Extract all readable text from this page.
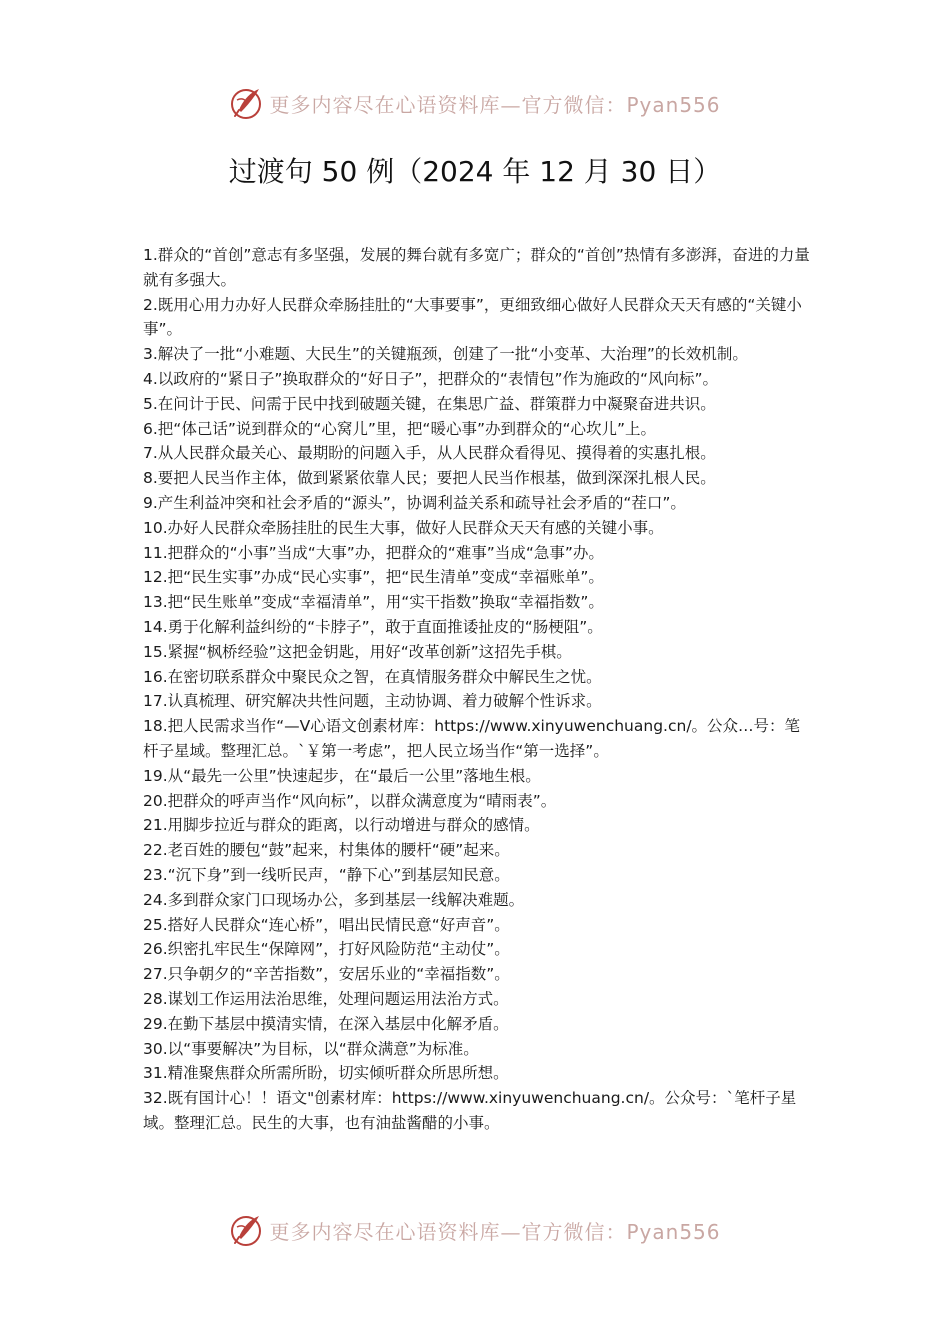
更多内容尽在心语资料库—官方微信：Pyan556
过渡句 50 例（2024 年 12 月 30 日）
1.群众的“首创”意志有多坚强，发展的舞台就有多宽广；群众的“首创”热情有多澎湃，奋进的力量就有多强大。
2.既用心用力办好人民群众牵肠挂肚的“大事要事”，更细致细心做好人民群众天天有感的“关键小事”。
3.解决了一批“小难题、大民生”的关键瓶颈，创建了一批“小变革、大治理”的长效机制。
4.以政府的“紧日子”换取群众的“好日子”，把群众的“表情包”作为施政的“风向标”。
5.在问计于民、问需于民中找到破题关键，在集思广益、群策群力中凝聚奋进共识。
6.把“体己话”说到群众的“心窝儿”里，把“暖心事”办到群众的“心坎儿”上。
7.从人民群众最关心、最期盼的问题入手，从人民群众看得见、摸得着的实惠扎根。
8.要把人民当作主体，做到紧紧依靠人民；要把人民当作根基，做到深深扎根人民。
9.产生利益冲突和社会矛盾的“源头”，协调利益关系和疏导社会矛盾的“茬口”。
10.办好人民群众牵肠挂肚的民生大事，做好人民群众天天有感的关键小事。
11.把群众的“小事”当成“大事”办，把群众的“难事”当成“急事”办。
12.把“民生实事”办成“民心实事”，把“民生清单”变成“幸福账单”。
13.把“民生账单”变成“幸福清单”，用“实干指数”换取“幸福指数”。
14.勇于化解利益纠纷的“卡脖子”，敢于直面推诿扯皮的“肠梗阻”。
15.紧握“枫桥经验”这把金钥匙，用好“改革创新”这招先手棋。
16.在密切联系群众中聚民众之智，在真情服务群众中解民生之忧。
17.认真梳理、研究解决共性问题，主动协调、着力破解个性诉求。
18.把人民需求当作“—V心语文创素材库：https://www.xinyuwenchuang.cn/。公众…号：笔杆子星域。整理汇总。`￥第一考虑”，把人民立场当作“第一选择”。
19.从“最先一公里”快速起步，在“最后一公里”落地生根。
20.把群众的呼声当作“风向标”，以群众满意度为“晴雨表”。
21.用脚步拉近与群众的距离，以行动增进与群众的感情。
22.老百姓的腰包“鼓”起来，村集体的腰杆“硬”起来。
23.“沉下身”到一线听民声，“静下心”到基层知民意。
24.多到群众家门口现场办公，多到基层一线解决难题。
25.搭好人民群众“连心桥”，唱出民情民意“好声音”。
26.织密扎牢民生“保障网”，打好风险防范“主动仗”。
27.只争朝夕的“辛苦指数”，安居乐业的“幸福指数”。
28.谋划工作运用法治思维，处理问题运用法治方式。
29.在勤下基层中摸清实情，在深入基层中化解矛盾。
30.以“事要解决”为目标，以“群众满意”为标准。
31.精准聚焦群众所需所盼，切实倾听群众所思所想。
32.既有国计心！！语文"创素材库：https://www.xinyuwenchuang.cn/。公众号：`笔杆子星域。整理汇总。民生的大事，也有油盐酱醋的小事。
更多内容尽在心语资料库—官方微信：Pyan556
